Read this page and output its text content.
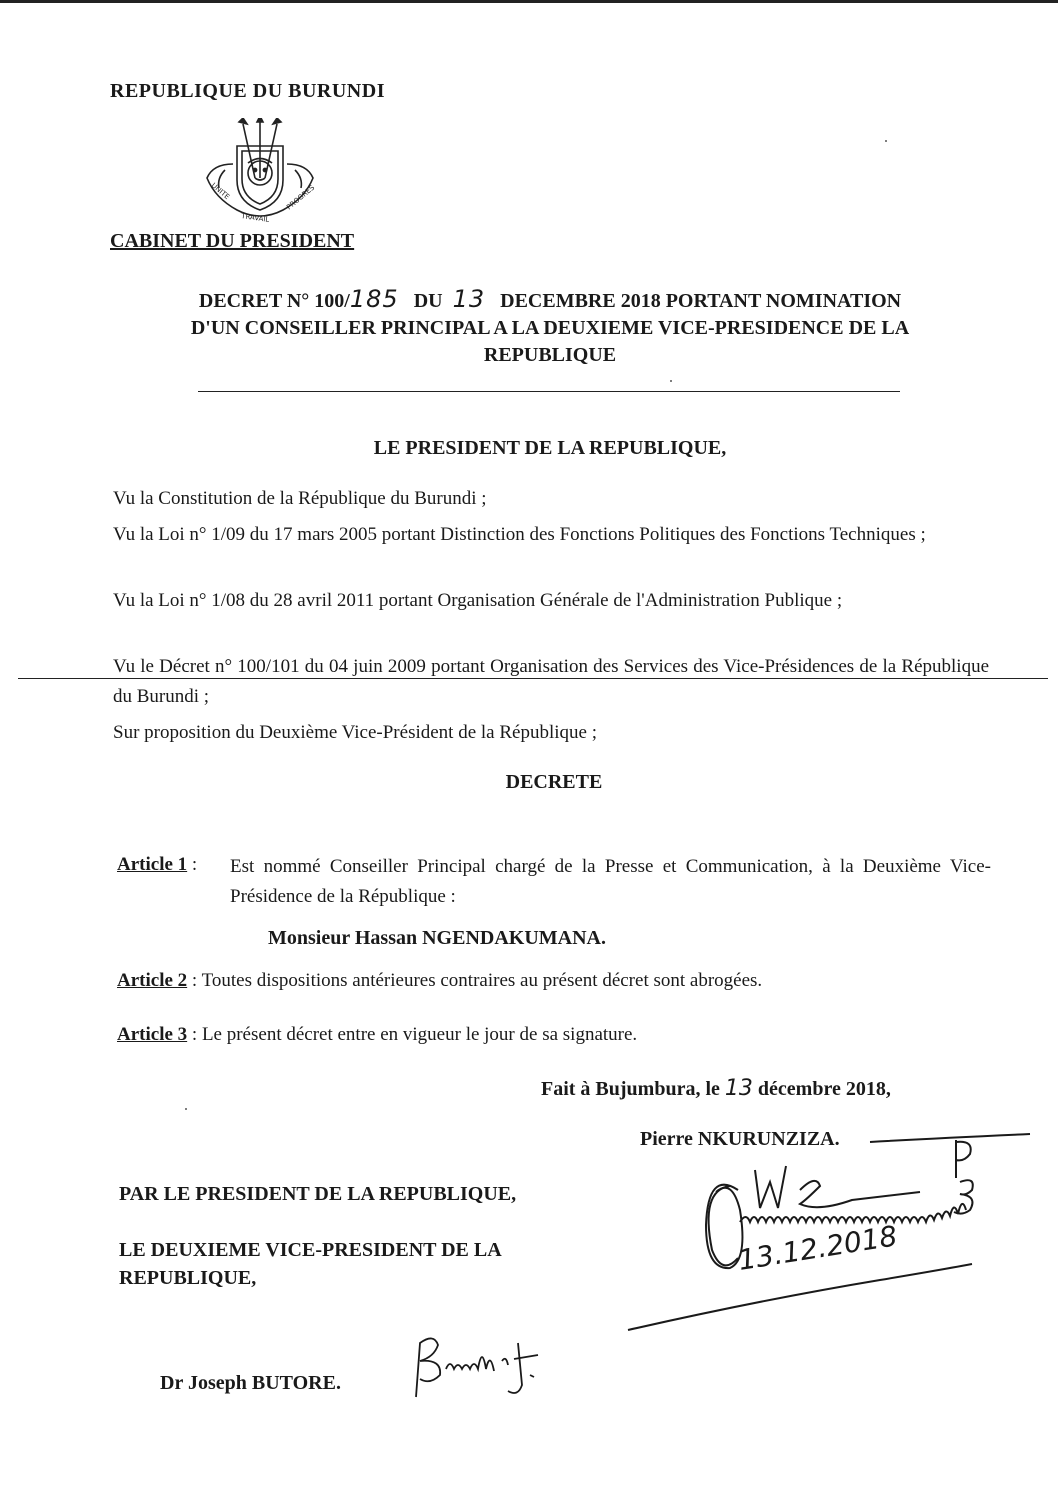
REPUBLIQUE DU BURUNDI
UNITE
TRAVAIL
PROGRES
CABINET DU PRESIDENT
DECRET N° 100/185 DU 13 DECEMBRE 2018 PORTANT NOMINATION
D'UN CONSEILLER PRINCIPAL A LA DEUXIEME VICE-PRESIDENCE DE LA
REPUBLIQUE
LE PRESIDENT DE LA REPUBLIQUE,
Vu la Constitution de la République du Burundi ;
Vu la Loi n° 1/09 du 17 mars 2005 portant Distinction des Fonctions Politiques des Fonctions Techniques ;
Vu la Loi n° 1/08 du 28 avril 2011 portant Organisation Générale de l'Administration Publique ;
Vu le Décret n° 100/101 du 04 juin 2009 portant Organisation des Services des Vice-Présidences de la République du Burundi ;
Sur proposition du Deuxième Vice-Président de la République ;
DECRETE
Article 1 : Est nommé Conseiller Principal chargé de la Presse et Communication, à la Deuxième Vice-Présidence de la République :
Monsieur Hassan NGENDAKUMANA.
Article 2 : Toutes dispositions antérieures contraires au présent décret sont abrogées.
Article 3 : Le présent décret entre en vigueur le jour de sa signature.
Fait à Bujumbura, le 13 décembre 2018,
Pierre NKURUNZIZA.
13.12.2018
PAR LE PRESIDENT DE LA REPUBLIQUE,
LE DEUXIEME VICE-PRESIDENT DE LA REPUBLIQUE,
Dr Joseph BUTORE.
